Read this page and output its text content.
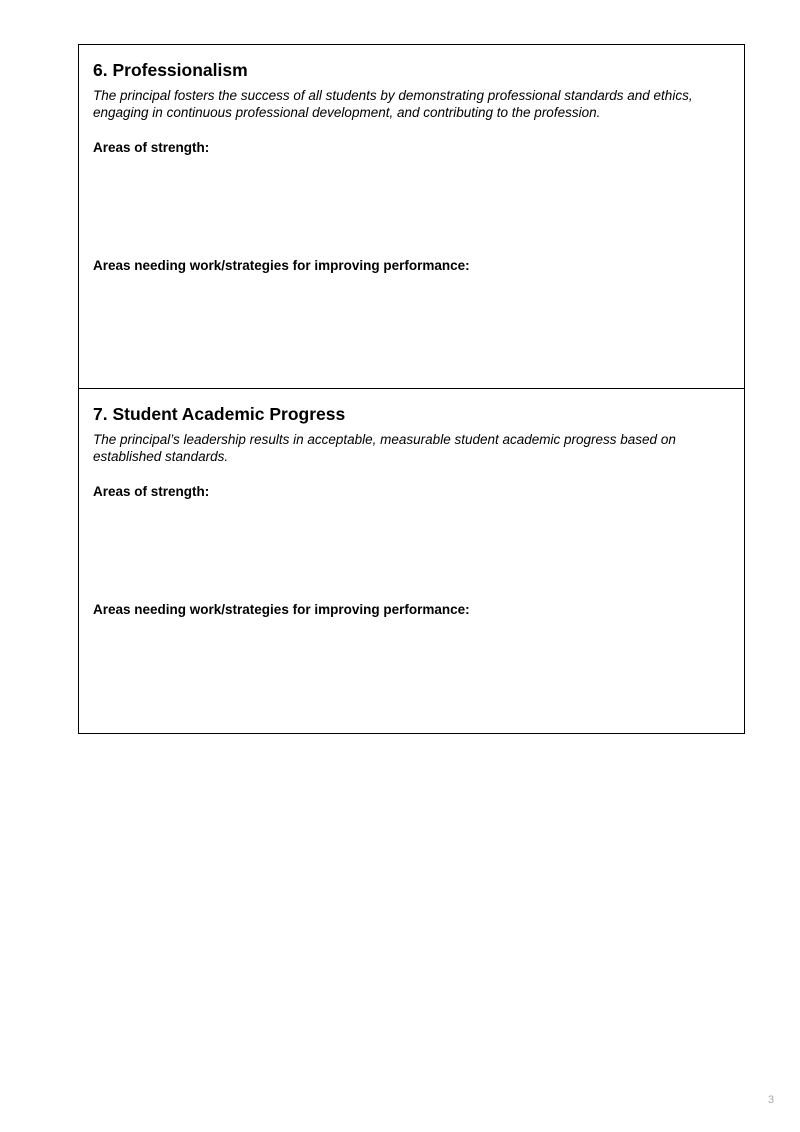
6. Professionalism

The principal fosters the success of all students by demonstrating professional standards and ethics, engaging in continuous professional development, and contributing to the profession.

Areas of strength:

Areas needing work/strategies for improving performance:

7. Student Academic Progress

The principal’s leadership results in acceptable, measurable student academic progress based on established standards.

Areas of strength:

Areas needing work/strategies for improving performance:

3
